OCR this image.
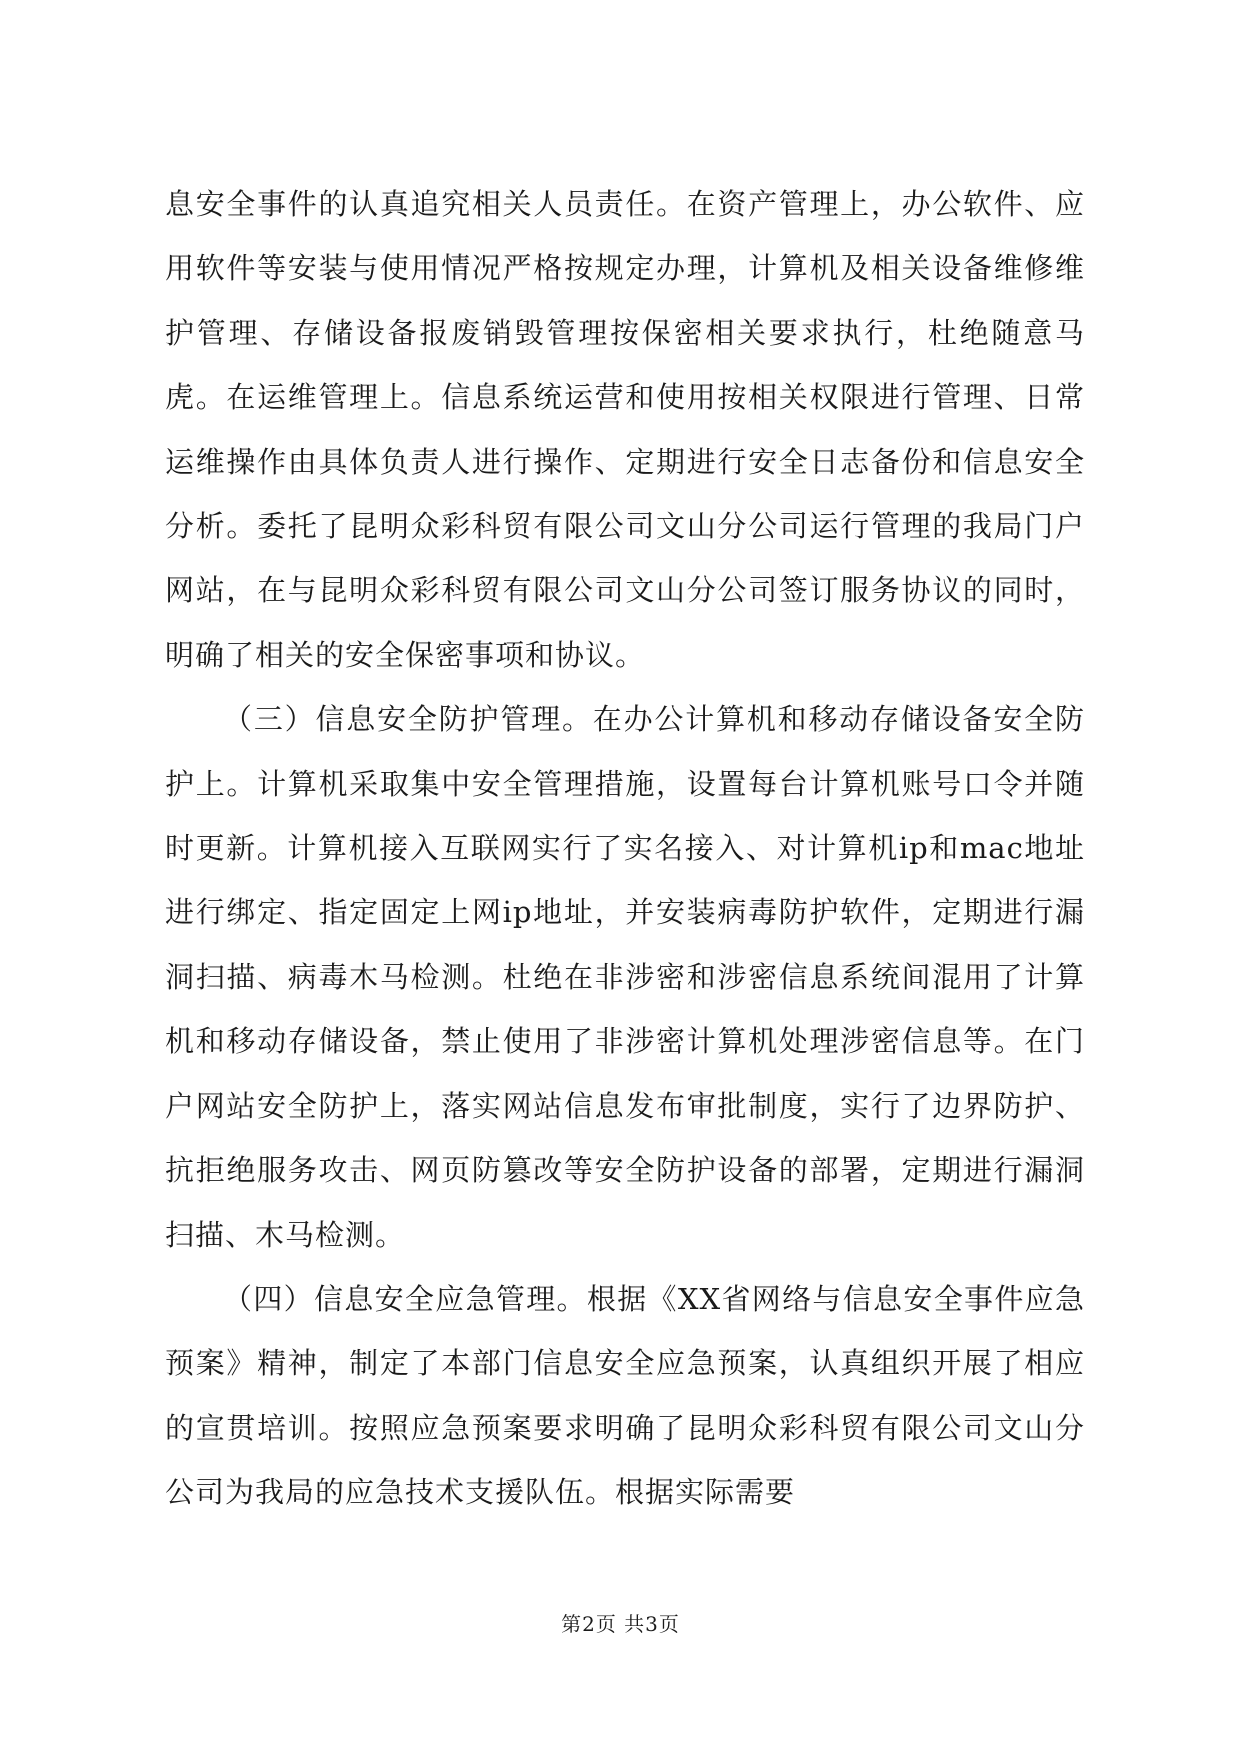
息安全事件的认真追究相关人员责任。在资产管理上，办公软件、应用软件等安装与使用情况严格按规定办理，计算机及相关设备维修维护管理、存储设备报废销毁管理按保密相关要求执行，杜绝随意马虎。在运维管理上。信息系统运营和使用按相关权限进行管理、日常运维操作由具体负责人进行操作、定期进行安全日志备份和信息安全分析。委托了昆明众彩科贸有限公司文山分公司运行管理的我局门户网站，在与昆明众彩科贸有限公司文山分公司签订服务协议的同时，明确了相关的安全保密事项和协议。

（三）信息安全防护管理。在办公计算机和移动存储设备安全防护上。计算机采取集中安全管理措施，设置每台计算机账号口令并随时更新。计算机接入互联网实行了实名接入、对计算机ip和mac地址进行绑定、指定固定上网ip地址，并安装病毒防护软件，定期进行漏洞扫描、病毒木马检测。杜绝在非涉密和涉密信息系统间混用了计算机和移动存储设备，禁止使用了非涉密计算机处理涉密信息等。在门户网站安全防护上，落实网站信息发布审批制度，实行了边界防护、抗拒绝服务攻击、网页防篡改等安全防护设备的部署，定期进行漏洞扫描、木马检测。

（四）信息安全应急管理。根据《XX省网络与信息安全事件应急预案》精神，制定了本部门信息安全应急预案，认真组织开展了相应的宣贯培训。按照应急预案要求明确了昆明众彩科贸有限公司文山分公司为我局的应急技术支援队伍。根据实际需要

第2页 共3页
